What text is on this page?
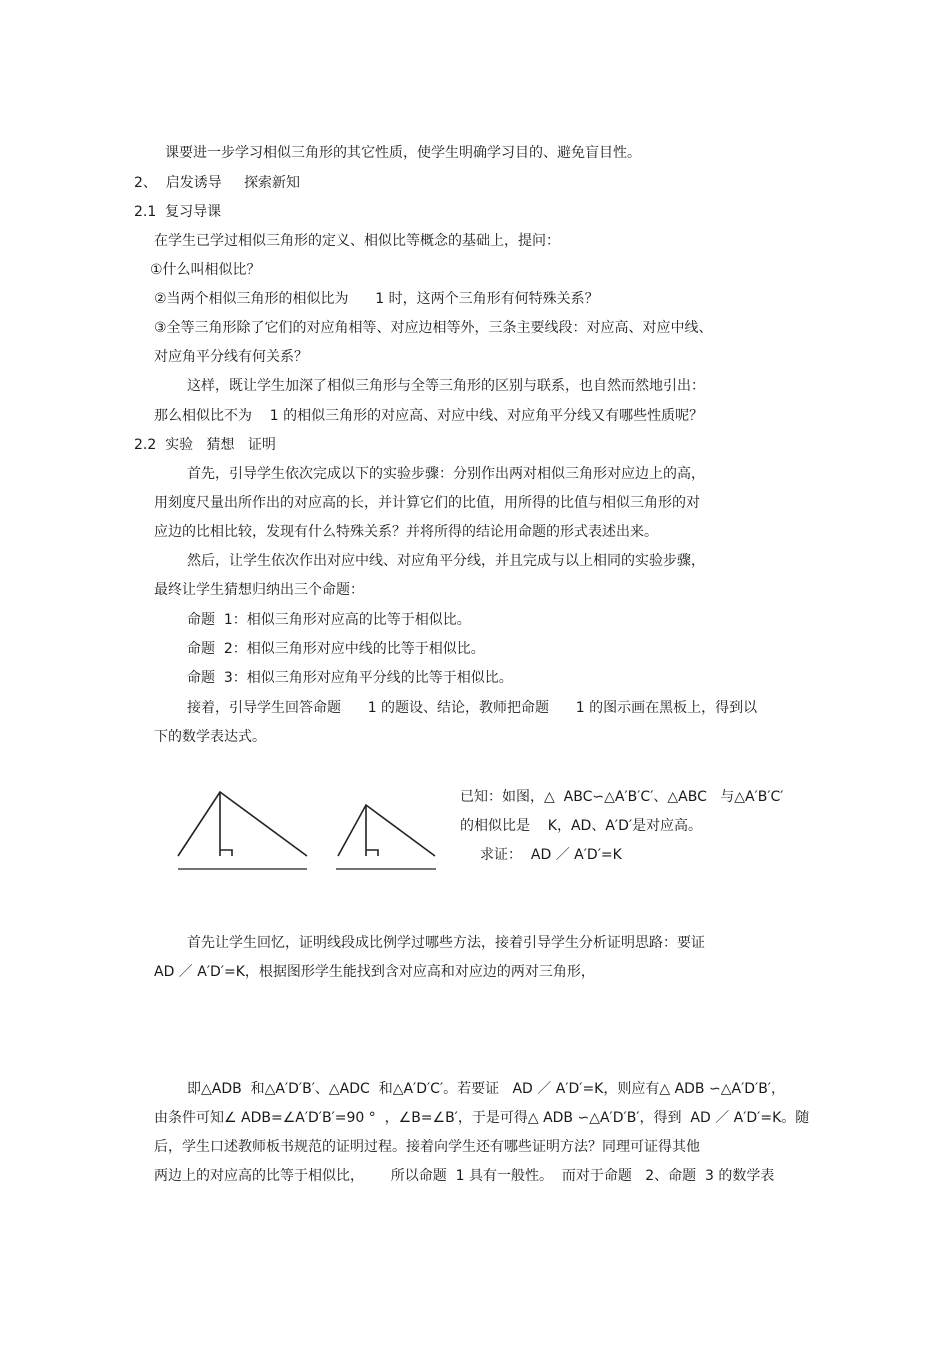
课要进一步学习相似三角形的其它性质，使学生明确学习目的、避免盲目性。
2、  启发诱导     探索新知
2.1  复习导课
在学生已学过相似三角形的定义、相似比等概念的基础上，提问：
①什么叫相似比？
②当两个相似三角形的相似比为      1 时，这两个三角形有何特殊关系？
③全等三角形除了它们的对应角相等、对应边相等外，三条主要线段：对应高、对应中线、
对应角平分线有何关系？
这样，既让学生加深了相似三角形与全等三角形的区别与联系，也自然而然地引出：
那么相似比不为    1 的相似三角形的对应高、对应中线、对应角平分线又有哪些性质呢？
2.2  实验   猜想   证明
首先，引导学生依次完成以下的实验步骤：分别作出两对相似三角形对应边上的高，
用刻度尺量出所作出的对应高的长，并计算它们的比值，用所得的比值与相似三角形的对
应边的比相比较，发现有什么特殊关系？并将所得的结论用命题的形式表述出来。
然后，让学生依次作出对应中线、对应角平分线，并且完成与以上相同的实验步骤，
最终让学生猜想归纳出三个命题：
命题  1：相似三角形对应高的比等于相似比。
命题  2：相似三角形对应中线的比等于相似比。
命题  3：相似三角形对应角平分线的比等于相似比。
接着，引导学生回答命题      1 的题设、结论，教师把命题      1 的图示画在黑板上，得到以
下的数学表达式。
已知：如图，△  ABC∽△A′B′C′、△ABC   与△A′B′C′
的相似比是    K，AD、A′D′是对应高。
求证：  AD ／ A′D′=K
首先让学生回忆，证明线段成比例学过哪些方法，接着引导学生分析证明思路：要证
AD ／ A′D′=K，根据图形学生能找到含对应高和对应边的两对三角形，
即△ADB  和△A′D′B′、△ADC  和△A′D′C′。若要证   AD ／ A′D′=K，则应有△ ADB ∽△A′D′B′，
由条件可知∠ ADB=∠A′D′B′=90 °  ，∠B=∠B′，于是可得△ ADB ∽△A′D′B′，得到  AD ／ A′D′=K。随
后，学生口述教师板书规范的证明过程。接着向学生还有哪些证明方法？同理可证得其他
两边上的对应高的比等于相似比，      所以命题  1 具有一般性。  而对于命题   2、命题  3 的数学表
